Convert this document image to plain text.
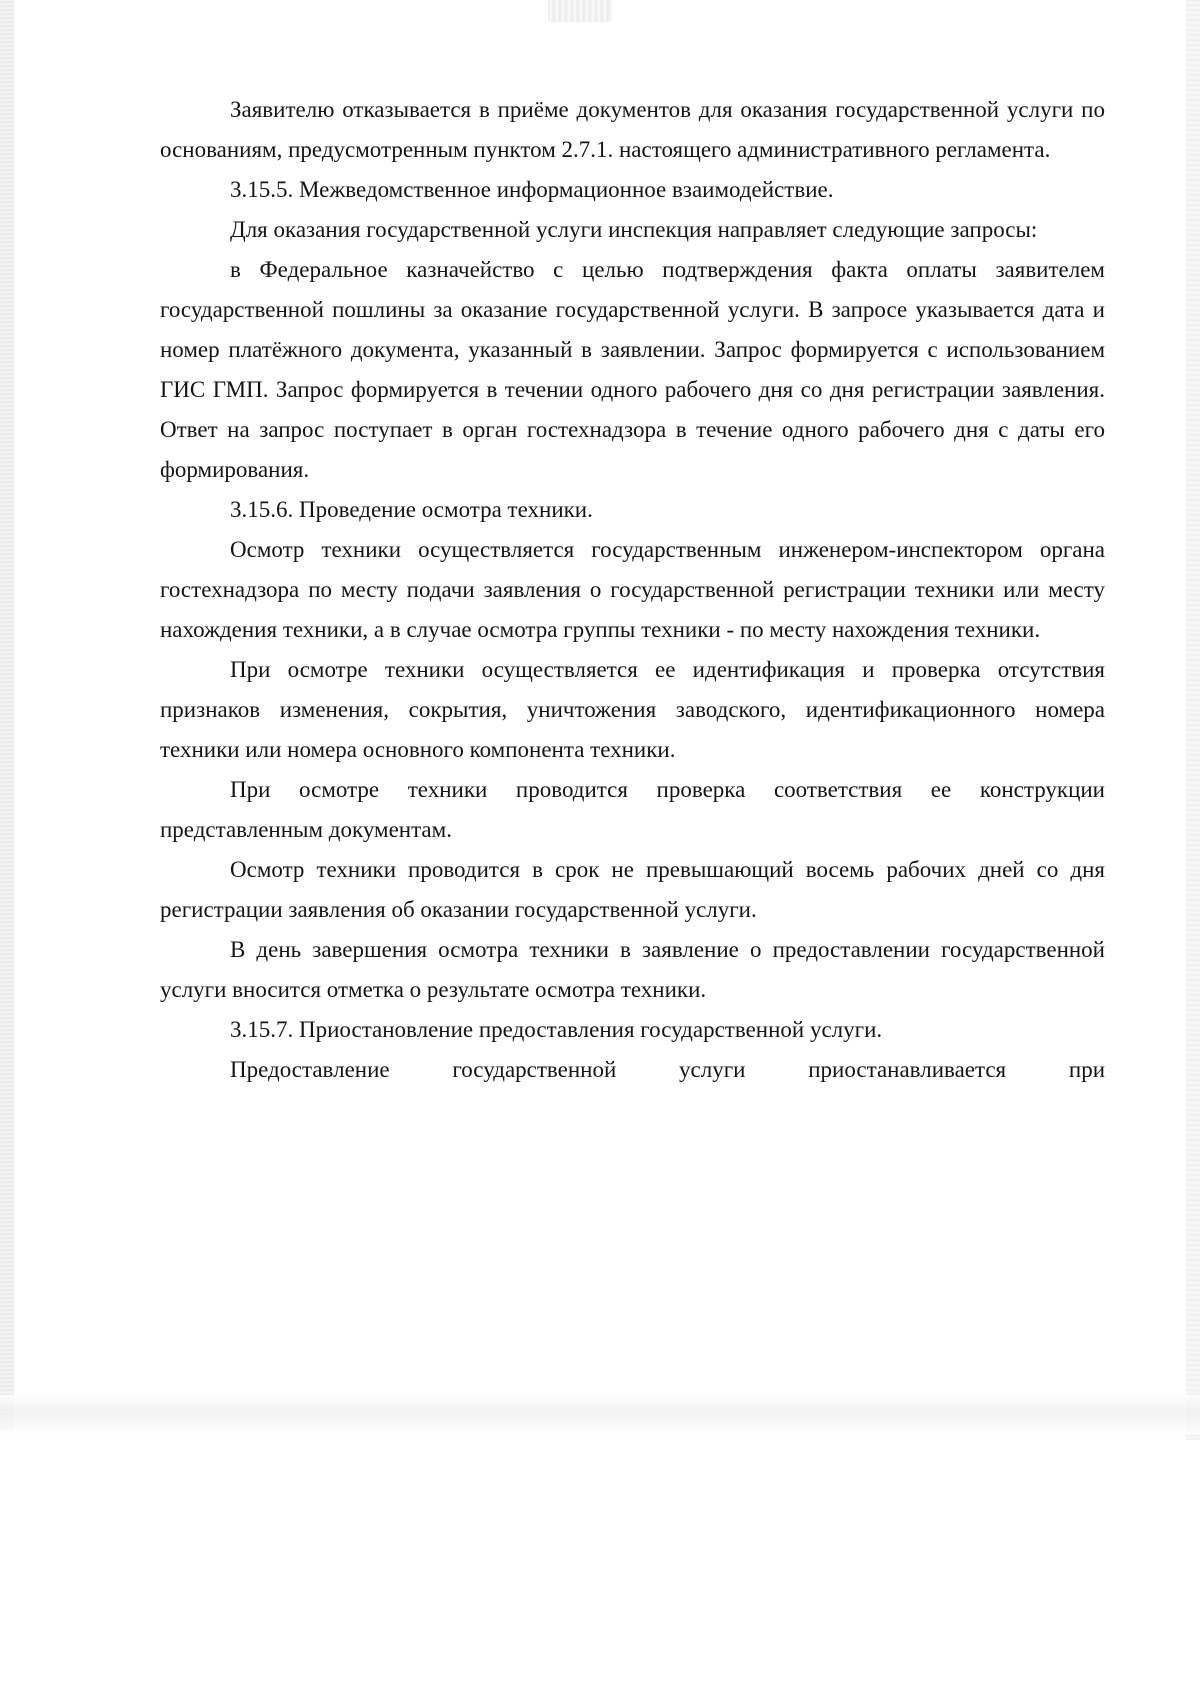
Заявителю отказывается в приёме документов для оказания государственной услуги по основаниям, предусмотренным пунктом 2.7.1. настоящего административного регламента.

3.15.5. Межведомственное информационное взаимодействие.

Для оказания государственной услуги инспекция направляет следующие запросы:

в Федеральное казначейство с целью подтверждения факта оплаты заявителем государственной пошлины за оказание государственной услуги. В запросе указывается дата и номер платёжного документа, указанный в заявлении. Запрос формируется с использованием ГИС ГМП. Запрос формируется в течении одного рабочего дня со дня регистрации заявления. Ответ на запрос поступает в орган гостехнадзора в течение одного рабочего дня с даты его формирования.

3.15.6. Проведение осмотра техники.

Осмотр техники осуществляется государственным инженером-инспектором органа гостехнадзора по месту подачи заявления о государственной регистрации техники или месту нахождения техники, а в случае осмотра группы техники - по месту нахождения техники.

При осмотре техники осуществляется ее идентификация и проверка отсутствия признаков изменения, сокрытия, уничтожения заводского, идентификационного номера техники или номера основного компонента техники.

При осмотре техники проводится проверка соответствия ее конструкции представленным документам.

Осмотр техники проводится в срок не превышающий восемь рабочих дней со дня регистрации заявления об оказании государственной услуги.

В день завершения осмотра техники в заявление о предоставлении государственной услуги вносится отметка о результате осмотра техники.

3.15.7. Приостановление предоставления государственной услуги.

Предоставление государственной услуги приостанавливается при
